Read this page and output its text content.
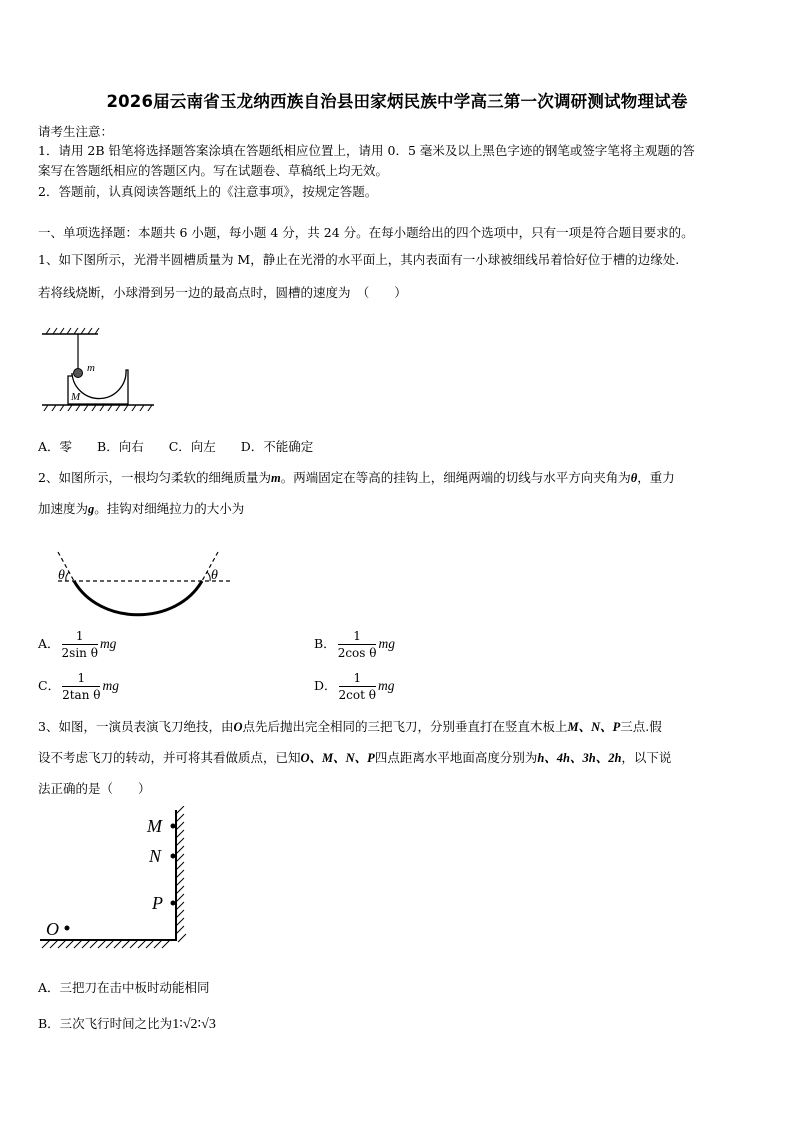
2026届云南省玉龙纳西族自治县田家炳民族中学高三第一次调研测试物理试卷
请考生注意：
1．请用 2B 铅笔将选择题答案涂填在答题纸相应位置上，请用 0．5 毫米及以上黑色字迹的钢笔或签字笔将主观题的答
案写在答题纸相应的答题区内。写在试题卷、草稿纸上均无效。
2．答题前，认真阅读答题纸上的《注意事项》，按规定答题。
一、单项选择题：本题共 6 小题，每小题 4 分，共 24 分。在每小题给出的四个选项中，只有一项是符合题目要求的。
1、如下图所示，光滑半圆槽质量为 M，静止在光滑的水平面上，其内表面有一小球被细线吊着恰好位于槽的边缘处.
若将线烧断，小球滑到另一边的最高点时，圆槽的速度为　（　　）
m
M
A．零　　B．向右　　C．向左　　D．不能确定
2、如图所示，一根均匀柔软的细绳质量为m。两端固定在等高的挂钩上，细绳两端的切线与水平方向夹角为θ，重力
加速度为g。挂钩对细绳拉力的大小为
θ	θ
A． $\frac{1}{\text{2sin θ}}$ mg	B． $\frac{1}{\text{2cos θ}}$ mg
C． $\frac{1}{\text{2tan θ}}$ mg	D． $\frac{1}{\text{2cot θ}}$ mg
3、如图，一演员表演飞刀绝技，由O点先后抛出完全相同的三把飞刀，分别垂直打在竖直木板上M、N、P三点.假
设不考虑飞刀的转动，并可将其看做质点，已知O、M、N、P四点距离水平地面高度分别为h、4h、3h、2h，以下说
法正确的是（　　）
M
N
P
O
A．三把刀在击中板时动能相同
B．三次飞行时间之比为1∶√2∶√3
